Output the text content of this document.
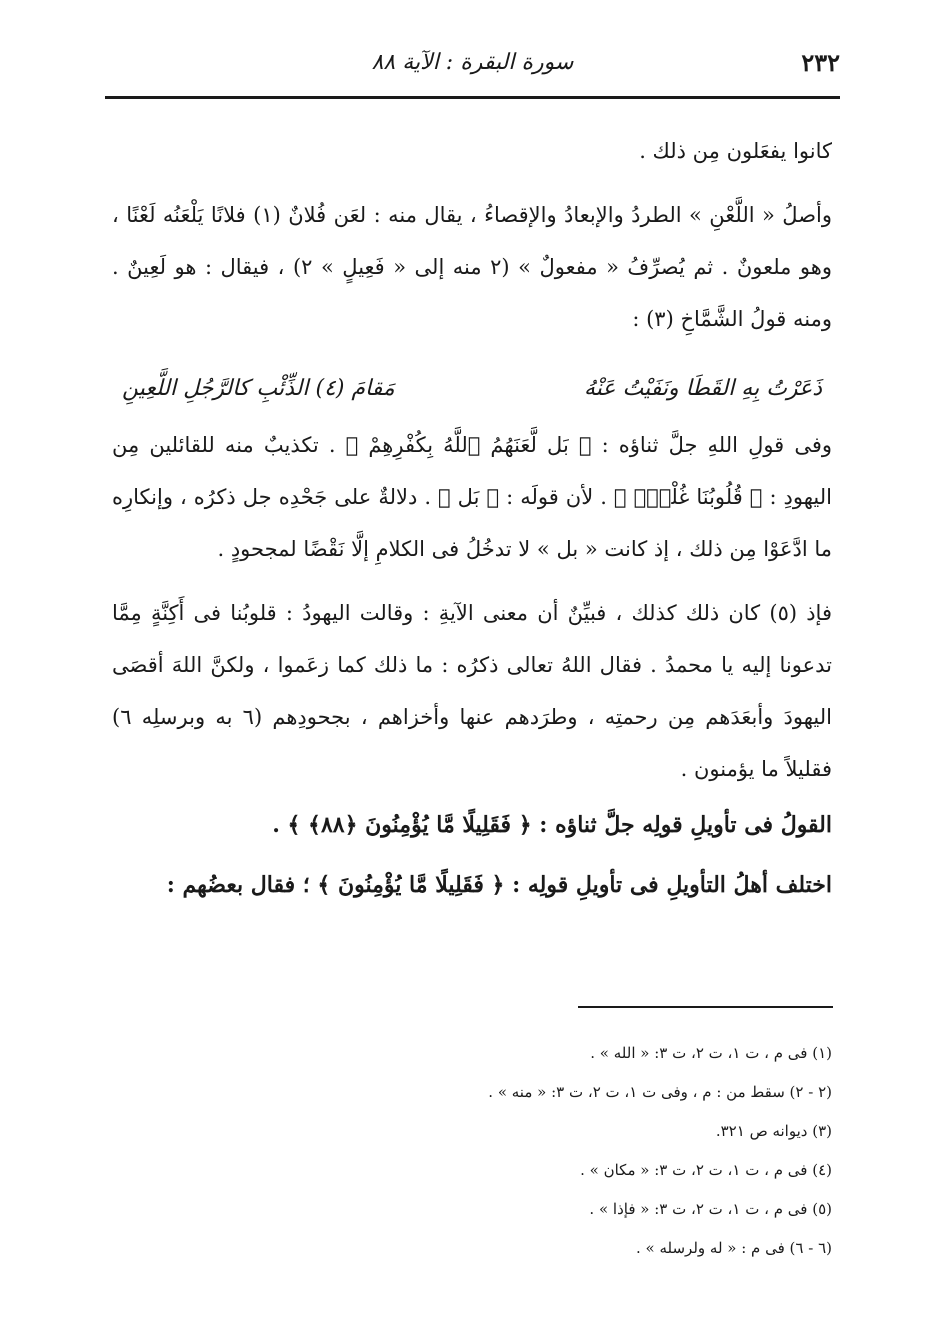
٢٣٢
سورة البقرة : الآية ٨٨

كانوا يفعَلون مِن ذلك .

وأصلُ « اللَّعْنِ » الطردُ والإبعادُ والإقصاءُ ، يقال منه : لعَن فُلانٌ (١) فلانًا يَلْعَنُه لَعْنًا ، وهو ملعونٌ . ثم يُصرِّفُ « مفعولٌ » (٢ منه إلى « فَعِيلٍ » ٢) ، فيقال : هو لَعِينٌ . ومنه قولُ الشَّمَّاخِ (٣) :

ذَعَرْتُ بِهِ القَطَا ونَفَيْتُ عَنْهُ
مَقامَ (٤) الذِّئْبِ كالرَّجُلِ اللَّعِينِ

وفى قولِ اللهِ جلَّ ثناؤه : ﴿ بَل لَّعَنَهُمُ ٱللَّهُ بِكُفْرِهِمْ ﴾ . تكذيبٌ منه للقائلين مِن اليهودِ : ﴿ قُلُوبُنَا غُلْفٌۢ ﴾ . لأن قولَه : ﴿ بَل ﴾ . دلالةٌ على جَحْدِه جل ذكرُه ، وإنكارِه ما ادَّعَوْا مِن ذلك ، إذ كانت « بل » لا تدخُلُ فى الكلامِ إلَّا نَقْضًا لمجحودٍ .

فإذ (٥) كان ذلك كذلك ، فبيِّنٌ أن معنى الآيةِ : وقالت اليهودُ : قلوبُنا فى أَكِنَّةٍ مِمَّا تدعونا إليه يا محمدُ . فقال اللهُ تعالى ذكرُه : ما ذلك كما زعَموا ، ولكنَّ اللهَ أقصَى اليهودَ وأبعَدَهم مِن رحمتِه ، وطرَدهم عنها وأخزاهم ، بجحودِهم (٦ به وبرسلِه ٦) فقليلاً ما يؤمنون .

القولُ فى تأويلِ قولِه جلَّ ثناؤه : ﴿ فَقَلِيلًا مَّا يُؤْمِنُونَ ﴿٨٨﴾ ﴾ .

اختلف أهلُ التأويلِ فى تأويلِ قولِه : ﴿ فَقَلِيلًا مَّا يُؤْمِنُونَ ﴾ ؛ فقال بعضُهم :

(١) فى م ، ت ١، ت ٢، ت ٣: « الله » .
(٢ - ٢) سقط من : م ، وفى ت ١، ت ٢، ت ٣: « منه » .
(٣) ديوانه ص ٣٢١.
(٤) فى م ، ت ١، ت ٢، ت ٣: « مكان » .
(٥) فى م ، ت ١، ت ٢، ت ٣: « فإذا » .
(٦ - ٦) فى م : « له ولرسله » .
